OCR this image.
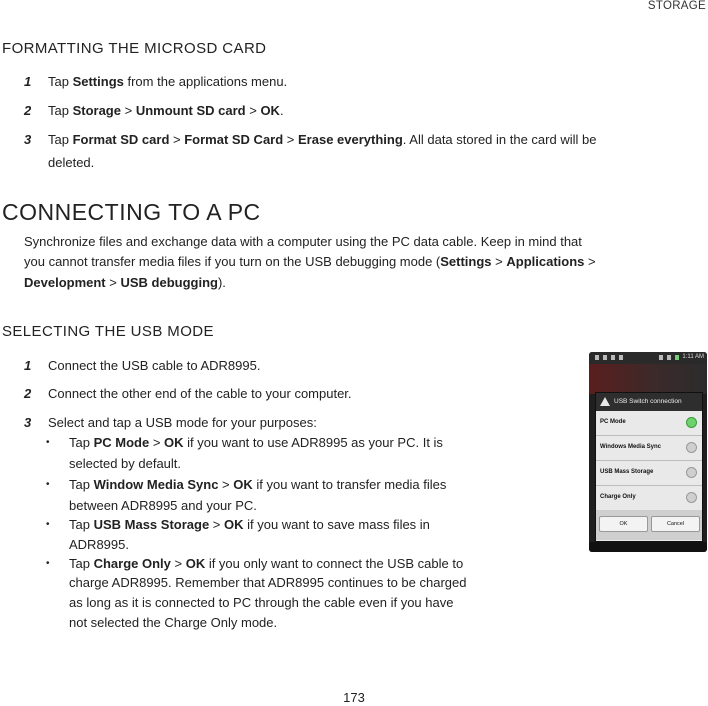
STORAGE
FORMATTING THE MICROSD CARD
1	Tap Settings from the applications menu.
2	Tap Storage > Unmount SD card > OK.
3	Tap Format SD card > Format SD Card > Erase everything. All data stored in the card will be
deleted.
CONNECTING TO A PC
Synchronize files and exchange data with a computer using the PC data cable. Keep in mind that
you cannot transfer media files if you turn on the USB debugging mode (Settings > Applications >
Development > USB debugging).
SELECTING THE USB MODE
1	Connect the USB cable to ADR8995.
2	Connect the other end of the cable to your computer.
3	Select and tap a USB mode for your purposes:
• Tap PC Mode > OK if you want to use ADR8995 as your PC. It is
selected by default.
• Tap Window Media Sync > OK if you want to transfer media files
between ADR8995 and your PC.
• Tap USB Mass Storage > OK if you want to save mass files in
ADR8995.
• Tap Charge Only > OK if you only want to connect the USB cable to
charge ADR8995. Remember that ADR8995 continues to be charged
as long as it is connected to PC through the cable even if you have
not selected the Charge Only mode.
1:11 AM
USB Switch connection
PC Mode
Windows Media Sync
USB Mass Storage
Charge Only
OK	Cancel
173
